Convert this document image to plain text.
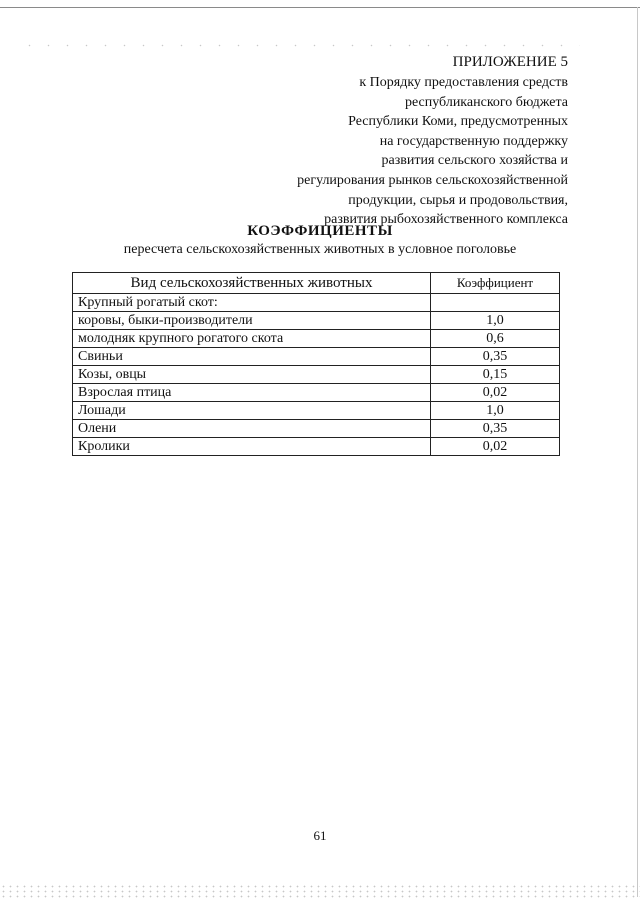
ПРИЛОЖЕНИЕ 5
к Порядку предоставления средств
республиканского бюджета
Республики Коми, предусмотренных
на государственную поддержку
развития сельского хозяйства и
регулирования рынков сельскохозяйственной
продукции, сырья и продовольствия,
развития рыбохозяйственного комплекса
КОЭФФИЦИЕНТЫ
пересчета сельскохозяйственных животных в условное поголовье
Вид сельскохозяйственных животных	Коэффициент
Крупный рогатый скот:	
коровы, быки-производители	1,0
молодняк крупного рогатого скота	0,6
Свиньи	0,35
Козы, овцы	0,15
Взрослая птица	0,02
Лошади	1,0
Олени	0,35
Кролики	0,02
61
